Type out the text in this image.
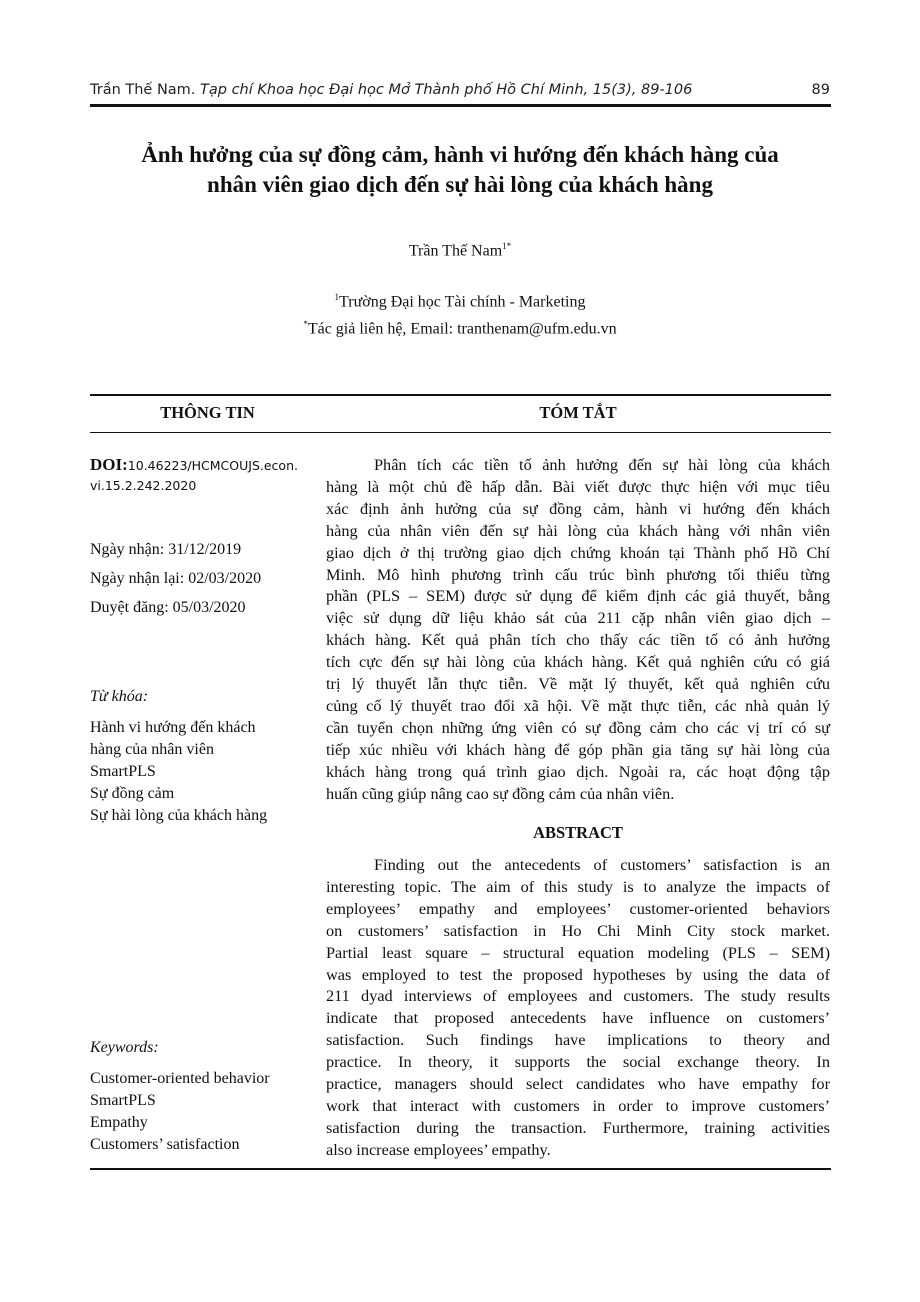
Trần Thế Nam. Tạp chí Khoa học Đại học Mở Thành phố Hồ Chí Minh, 15(3), 89-106	89
Ảnh hưởng của sự đồng cảm, hành vi hướng đến khách hàng của
nhân viên giao dịch đến sự hài lòng của khách hàng
Trần Thế Nam$^{1*}$
$^1$Trường Đại học Tài chính - Marketing
*Tác giả liên hệ, Email: tranthenam@ufm.edu.vn
THÔNG TIN	TÓM TẮT
DOI:10.46223/HCMCOUJS.econ.
vi.15.2.242.2020
Ngày nhận: 31/12/2019
Ngày nhận lại: 02/03/2020
Duyệt đăng: 05/03/2020
Từ khóa:
Hành vi hướng đến khách
hàng của nhân viên
SmartPLS
Sự đồng cảm
Sự hài lòng của khách hàng
Keywords:
Customer-oriented behavior
SmartPLS
Empathy
Customers’ satisfaction
Phân tích các tiền tố ảnh hưởng đến sự hài lòng của khách
hàng là một chủ đề hấp dẫn. Bài viết được thực hiện với mục tiêu
xác định ảnh hưởng của sự đồng cảm, hành vi hướng đến khách
hàng của nhân viên đến sự hài lòng của khách hàng với nhân viên
giao dịch ở thị trường giao dịch chứng khoán tại Thành phố Hồ Chí
Minh. Mô hình phương trình cấu trúc bình phương tối thiểu từng
phần (PLS – SEM) được sử dụng để kiểm định các giả thuyết, bằng
việc sử dụng dữ liệu khảo sát của 211 cặp nhân viên giao dịch –
khách hàng. Kết quả phân tích cho thấy các tiền tố có ảnh hưởng
tích cực đến sự hài lòng của khách hàng. Kết quả nghiên cứu có giá
trị lý thuyết lẫn thực tiễn. Về mặt lý thuyết, kết quả nghiên cứu
củng cố lý thuyết trao đổi xã hội. Về mặt thực tiễn, các nhà quản lý
cần tuyển chọn những ứng viên có sự đồng cảm cho các vị trí có sự
tiếp xúc nhiều với khách hàng để góp phần gia tăng sự hài lòng của
khách hàng trong quá trình giao dịch. Ngoài ra, các hoạt động tập
huấn cũng giúp nâng cao sự đồng cảm của nhân viên.
ABSTRACT
Finding out the antecedents of customers’ satisfaction is an
interesting topic. The aim of this study is to analyze the impacts of
employees’ empathy and employees’ customer-oriented behaviors
on customers’ satisfaction in Ho Chi Minh City stock market.
Partial least square – structural equation modeling (PLS – SEM)
was employed to test the proposed hypotheses by using the data of
211 dyad interviews of employees and customers. The study results
indicate that proposed antecedents have influence on customers’
satisfaction. Such findings have implications to theory and
practice. In theory, it supports the social exchange theory. In
practice, managers should select candidates who have empathy for
work that interact with customers in order to improve customers’
satisfaction during the transaction. Furthermore, training activities
also increase employees’ empathy.
